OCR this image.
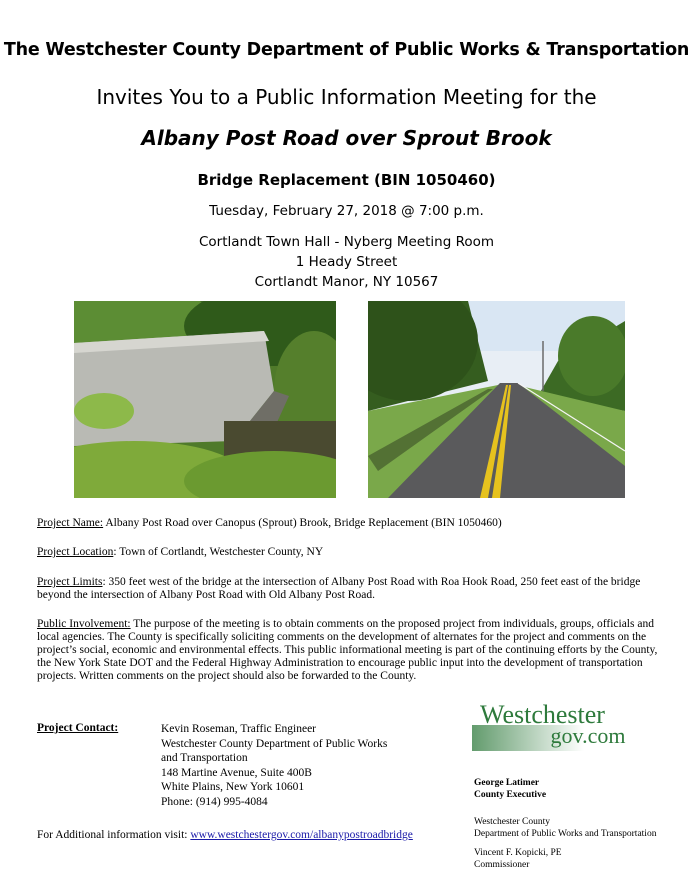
The Westchester County Department of Public Works & Transportation
Invites You to a Public Information Meeting for the
Albany Post Road over Sprout Brook
Bridge Replacement (BIN 1050460)
Tuesday, February 27, 2018 @ 7:00 p.m.
Cortlandt Town Hall - Nyberg Meeting Room
1 Heady Street
Cortlandt Manor, NY 10567
Project Name: Albany Post Road over Canopus (Sprout) Brook, Bridge Replacement (BIN 1050460)
Project Location: Town of Cortlandt, Westchester County, NY
Project Limits: 350 feet west of the bridge at the intersection of Albany Post Road with Roa Hook Road, 250 feet east of the bridge beyond the intersection of Albany Post Road with Old Albany Post Road.
Public Involvement: The purpose of the meeting is to obtain comments on the proposed project from individuals, groups, officials and local agencies. The County is specifically soliciting comments on the development of alternates for the project and comments on the project’s social, economic and environmental effects. This public informational meeting is part of the continuing efforts by the County, the New York State DOT and the Federal Highway Administration to encourage public input into the development of transportation projects. Written comments on the project should also be forwarded to the County.
Project Contact:	Kevin Roseman, Traffic Engineer
Westchester County Department of Public Works
and Transportation
148 Martine Avenue, Suite 400B
White Plains, New York 10601
Phone: (914) 995-4084
For Additional information visit: www.westchestergov.com/albanypostroadbridge
Westchester
gov.com
George Latimer
County Executive
Westchester County
Department of Public Works and Transportation
Vincent F. Kopicki, PE
Commissioner
